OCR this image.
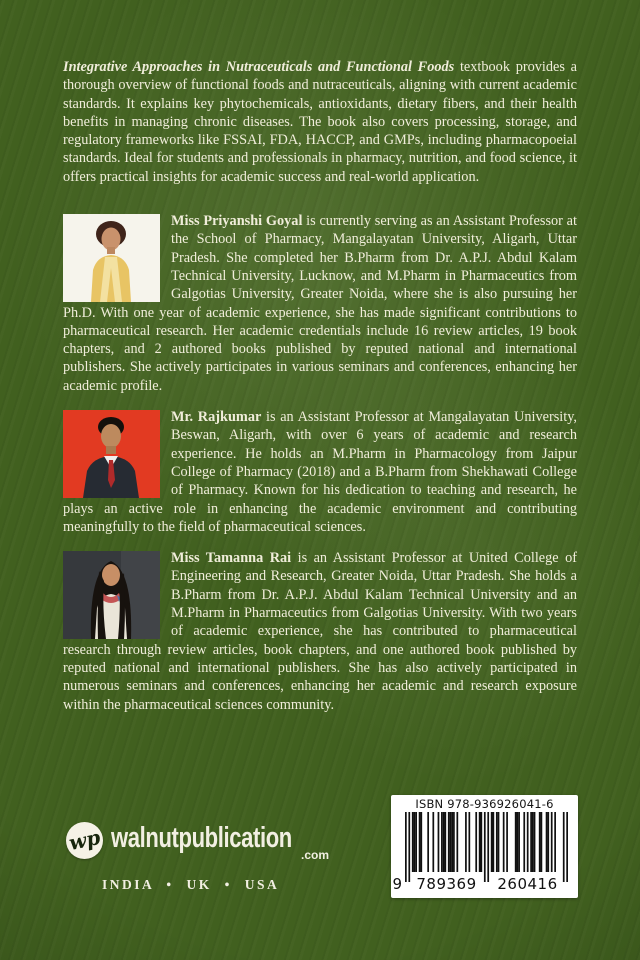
Integrative Approaches in Nutraceuticals and Functional Foods textbook provides a thorough overview of functional foods and nutraceuticals, aligning with current academic standards. It explains key phytochemicals, antioxidants, dietary fibers, and their health benefits in managing chronic diseases. The book also covers processing, storage, and regulatory frameworks like FSSAI, FDA, HACCP, and GMPs, including pharmacopoeial standards. Ideal for students and professionals in pharmacy, nutrition, and food science, it offers practical insights for academic success and real-world application.

Miss Priyanshi Goyal is currently serving as an Assistant Professor at the School of Pharmacy, Mangalayatan University, Aligarh, Uttar Pradesh. She completed her B.Pharm from Dr. A.P.J. Abdul Kalam Technical University, Lucknow, and M.Pharm in Pharmaceutics from Galgotias University, Greater Noida, where she is also pursuing her Ph.D. With one year of academic experience, she has made significant contributions to pharmaceutical research. Her academic credentials include 16 review articles, 19 book chapters, and 2 authored books published by reputed national and international publishers. She actively participates in various seminars and conferences, enhancing her academic profile.
Mr. Rajkumar is an Assistant Professor at Mangalayatan University, Beswan, Aligarh, with over 6 years of academic and research experience. He holds an M.Pharm in Pharmacology from Jaipur College of Pharmacy (2018) and a B.Pharm from Shekhawati College of Pharmacy. Known for his dedication to teaching and research, he plays an active role in enhancing the academic environment and contributing meaningfully to the field of pharmaceutical sciences.
Miss Tamanna Rai is an Assistant Professor at United College of Engineering and Research, Greater Noida, Uttar Pradesh. She holds a B.Pharm from Dr. A.P.J. Abdul Kalam Technical University and an M.Pharm in Pharmaceutics from Galgotias University. With two years of academic experience, she has contributed to pharmaceutical research through review articles, book chapters, and one authored book published by reputed national and international publishers. She has also actively participated in numerous seminars and conferences, enhancing her academic and research exposure within the pharmaceutical sciences community.
wp walnutpublication
.com
INDIA • UK • USA
ISBN 978-936926041-6
9 789369	260416
